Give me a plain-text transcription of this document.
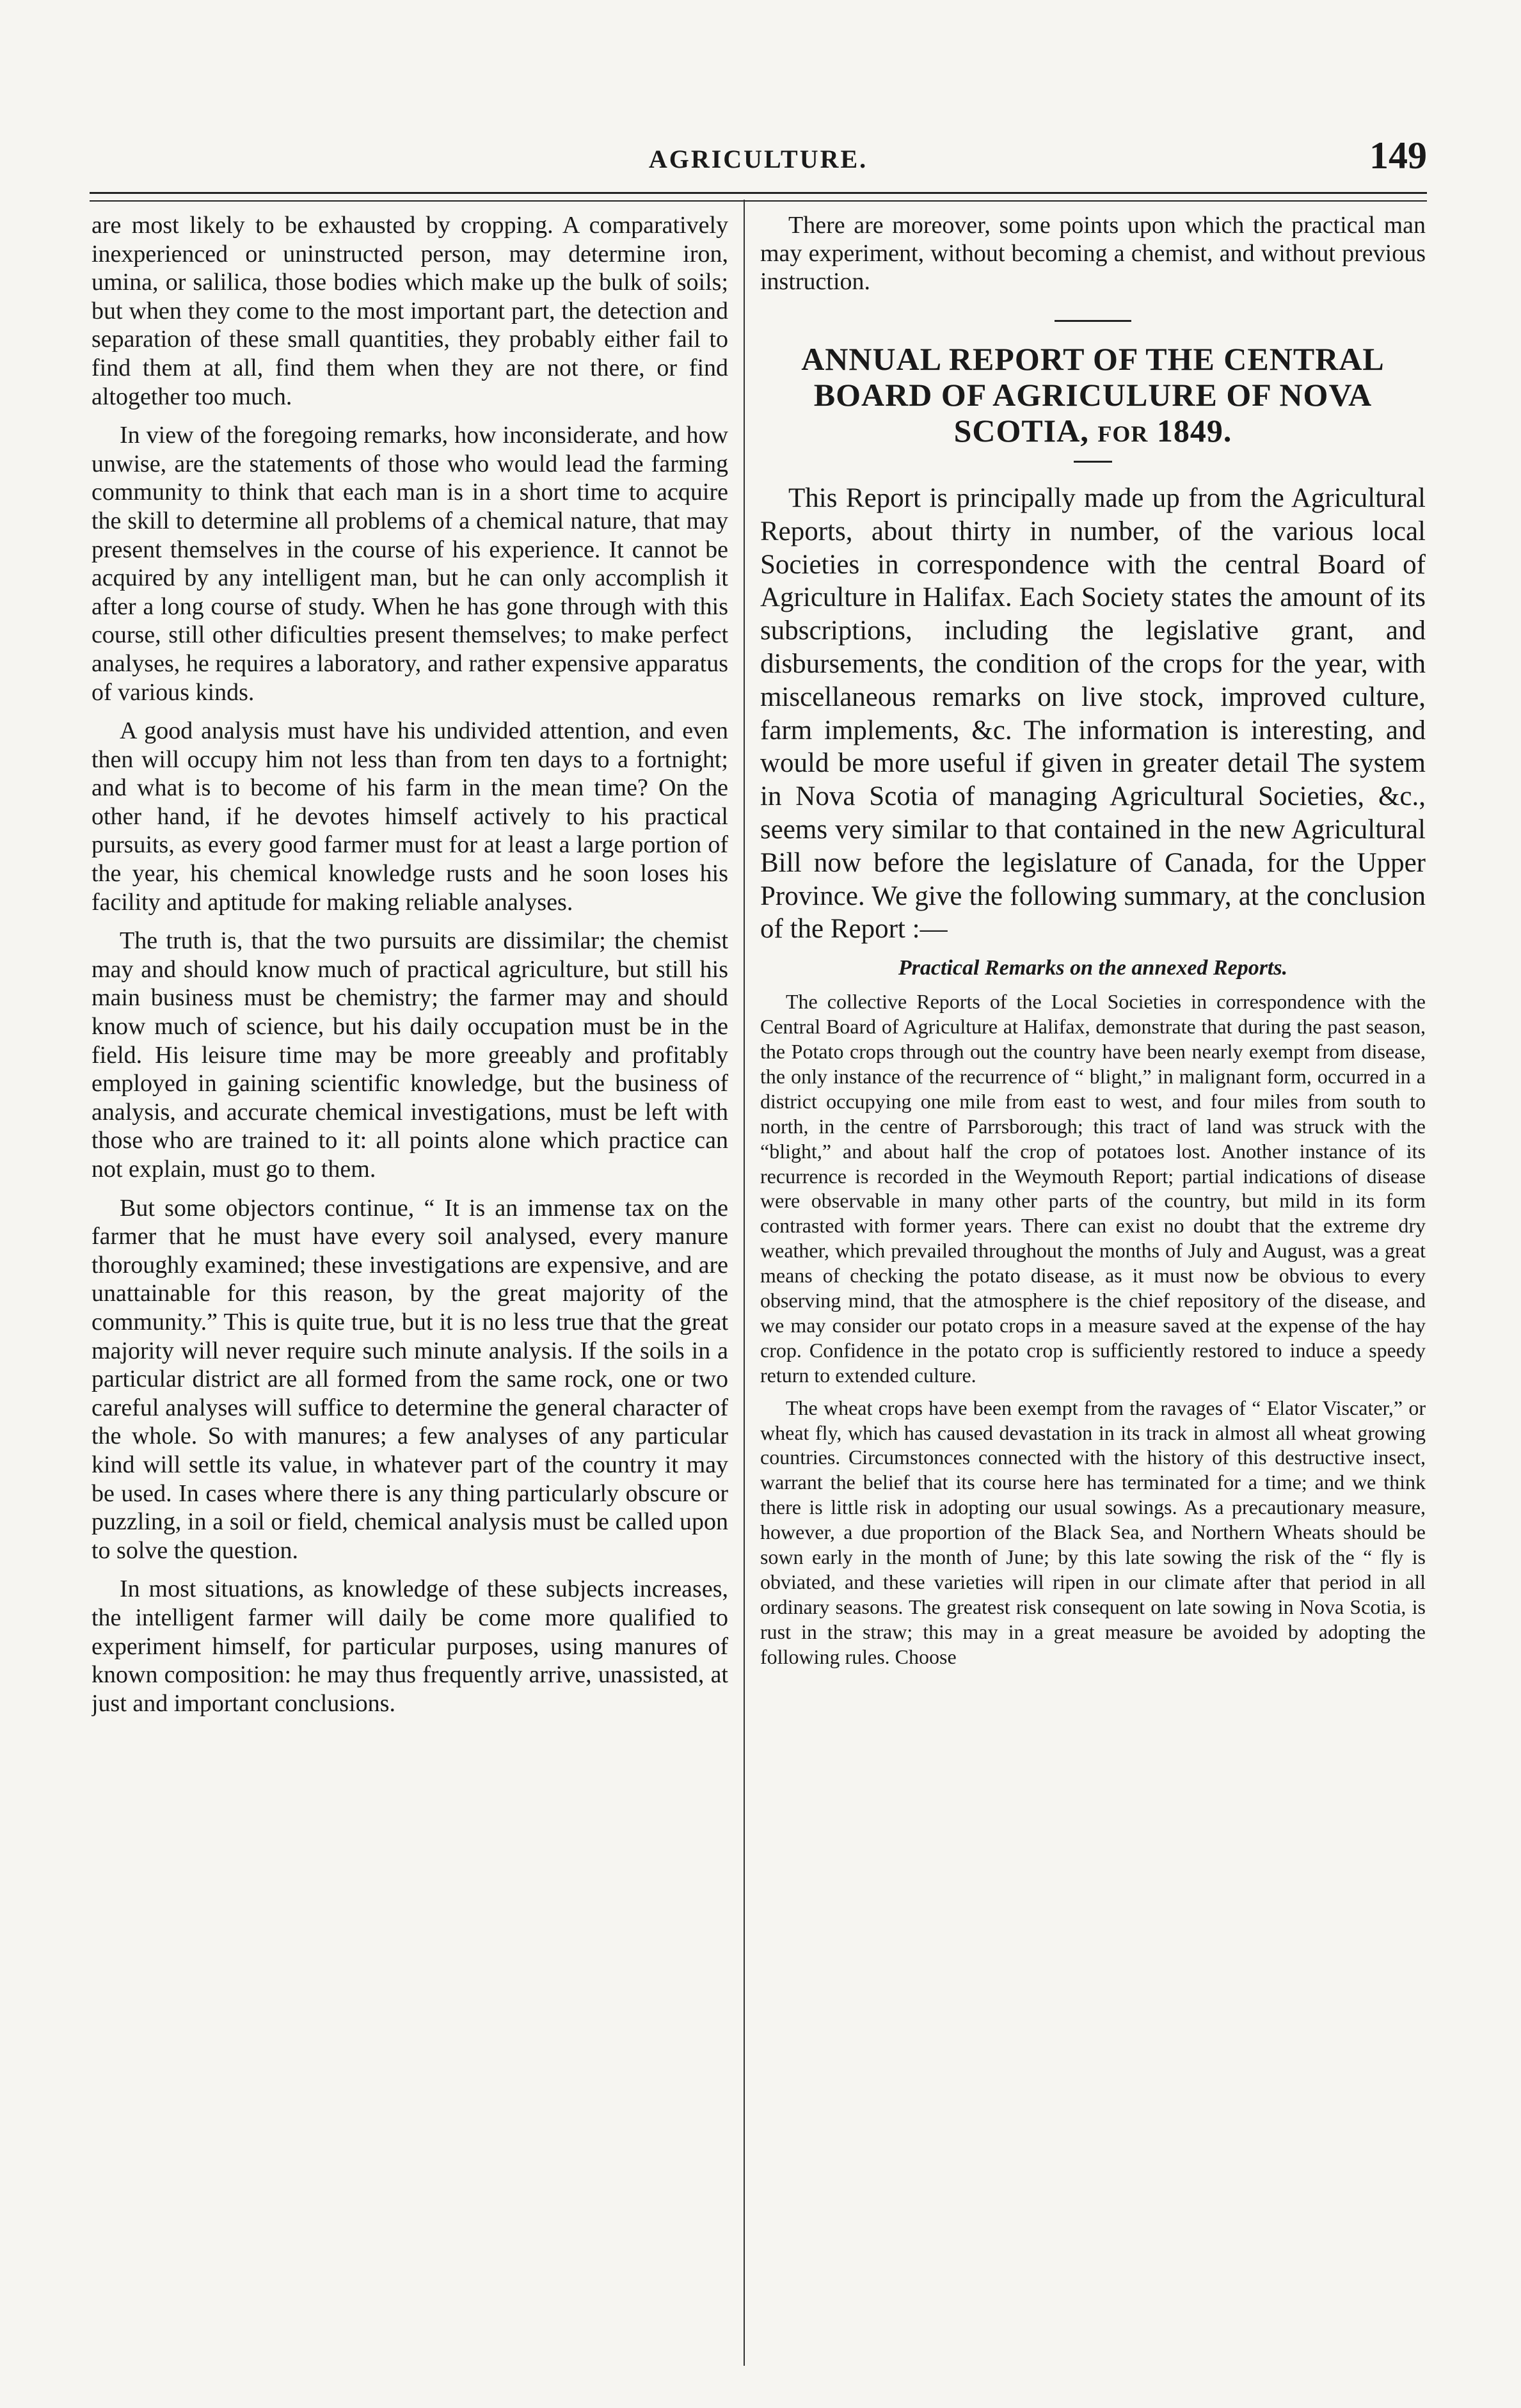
AGRICULTURE.	149

are most likely to be exhausted by cropping. A comparatively inexperienced or uninstructed person, may determine iron, umina, or salilica, those bodies which make up the bulk of soils; but when they come to the most important part, the detection and separation of these small quantities, they probably either fail to find them at all, find them when they are not there, or find altogether too much.

In view of the foregoing remarks, how inconsiderate, and how unwise, are the statements of those who would lead the farming community to think that each man is in a short time to acquire the skill to determine all problems of a chemical nature, that may present themselves in the course of his experience. It cannot be acquired by any intelligent man, but he can only accomplish it after a long course of study. When he has gone through with this course, still other dificulties present themselves; to make perfect analyses, he requires a laboratory, and rather expensive apparatus of various kinds.

A good analysis must have his undivided attention, and even then will occupy him not less than from ten days to a fortnight; and what is to become of his farm in the mean time? On the other hand, if he devotes himself actively to his practical pursuits, as every good farmer must for at least a large portion of the year, his chemical knowledge rusts and he soon loses his facility and aptitude for making reliable analyses.

The truth is, that the two pursuits are dissimilar; the chemist may and should know much of practical agriculture, but still his main business must be chemistry; the farmer may and should know much of science, but his daily occupation must be in the field. His leisure time may be more greeably and profitably employed in gaining scientific knowledge, but the business of analysis, and accurate chemical investigations, must be left with those who are trained to it: all points alone which practice can not explain, must go to them.

But some objectors continue, “ It is an immense tax on the farmer that he must have every soil analysed, every manure thoroughly examined; these investigations are expensive, and are unattainable for this reason, by the great majority of the community.” This is quite true, but it is no less true that the great majority will never require such minute analysis. If the soils in a particular district are all formed from the same rock, one or two careful analyses will suffice to determine the general character of the whole. So with manures; a few analyses of any particular kind will settle its value, in whatever part of the country it may be used. In cases where there is any thing particularly obscure or puzzling, in a soil or field, chemical analysis must be called upon to solve the question.

In most situations, as knowledge of these subjects increases, the intelligent farmer will daily be come more qualified to experiment himself, for particular purposes, using manures of known composition: he may thus frequently arrive, unassisted, at just and important conclusions.

There are moreover, some points upon which the practical man may experiment, without becoming a chemist, and without previous instruction.

ANNUAL REPORT OF THE CENTRAL BOARD OF AGRICULURE OF NOVA SCOTIA, FOR 1849.

This Report is principally made up from the Agricultural Reports, about thirty in number, of the various local Societies in correspondence with the central Board of Agriculture in Halifax. Each Society states the amount of its subscriptions, including the legislative grant, and disbursements, the condition of the crops for the year, with miscellaneous remarks on live stock, improved culture, farm implements, &c. The information is interesting, and would be more useful if given in greater detail The system in Nova Scotia of managing Agricultural Societies, &c., seems very similar to that contained in the new Agricultural Bill now before the legislature of Canada, for the Upper Province. We give the following summary, at the conclusion of the Report :—

Practical Remarks on the annexed Reports.

The collective Reports of the Local Societies in correspondence with the Central Board of Agriculture at Halifax, demonstrate that during the past season, the Potato crops through out the country have been nearly exempt from disease, the only instance of the recurrence of “ blight,” in malignant form, occurred in a district occupying one mile from east to west, and four miles from south to north, in the centre of Parrsborough; this tract of land was struck with the “blight,” and about half the crop of potatoes lost. Another instance of its recurrence is recorded in the Weymouth Report; partial indications of disease were observable in many other parts of the country, but mild in its form contrasted with former years. There can exist no doubt that the extreme dry weather, which prevailed throughout the months of July and August, was a great means of checking the potato disease, as it must now be obvious to every observing mind, that the atmosphere is the chief repository of the disease, and we may consider our potato crops in a measure saved at the expense of the hay crop. Confidence in the potato crop is sufficiently restored to induce a speedy return to extended culture.

The wheat crops have been exempt from the ravages of “ Elator Viscater,” or wheat fly, which has caused devastation in its track in almost all wheat growing countries. Circumstonces connected with the history of this destructive insect, warrant the belief that its course here has terminated for a time; and we think there is little risk in adopting our usual sowings. As a precautionary measure, however, a due proportion of the Black Sea, and Northern Wheats should be sown early in the month of June; by this late sowing the risk of the “ fly is obviated, and these varieties will ripen in our climate after that period in all ordinary seasons. The greatest risk consequent on late sowing in Nova Scotia, is rust in the straw; this may in a great measure be avoided by adopting the following rules. Choose
